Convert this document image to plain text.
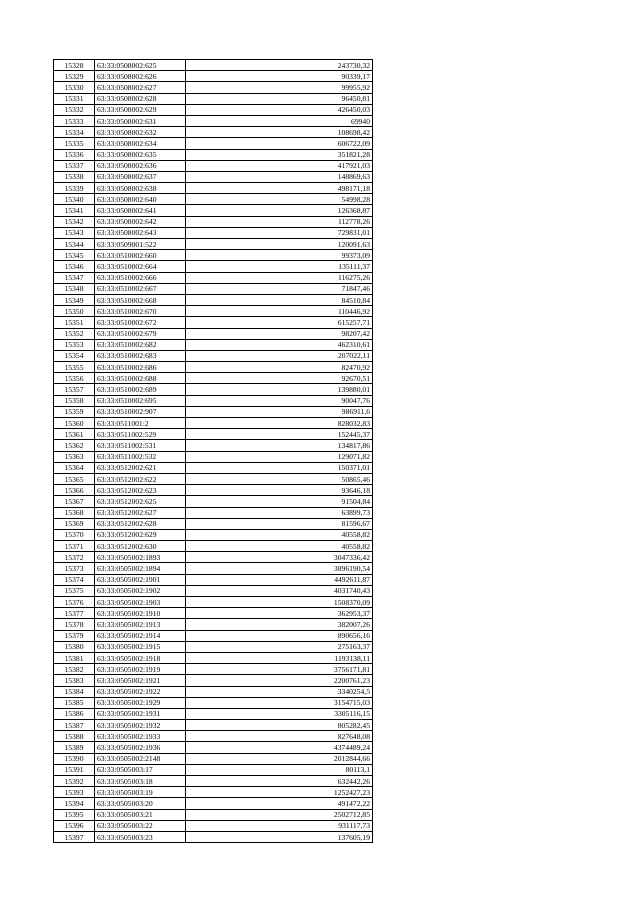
15328	63:33:0508002:625	243730,32
15329	63:33:0508002:626	90339,17
15330	63:33:0508002:627	99955,92
15331	63:33:0508002:628	96450,81
15332	63:33:0508002:629	426450,03
15333	63:33:0508002:631	69940
15334	63:33:0508002:632	108698,42
15335	63:33:0508002:634	606722,09
15336	63:33:0508002:635	351821,28
15337	63:33:0508002:636	417921,03
15338	63:33:0508002:637	148869,63
15339	63:33:0508002:638	498171,18
15340	63:33:0508002:640	54998,28
15341	63:33:0508002:641	126368,87
15342	63:33:0508002:642	112778,26
15343	63:33:0508002:643	729831,01
15344	63:33:0509001:522	120091,63
15345	63:33:0510002:660	99373,09
15346	63:33:0510002:664	135111,37
15347	63:33:0510002:666	116275,26
15348	63:33:0510002:667	71847,46
15349	63:33:0510002:668	84510,84
15350	63:33:0510002:670	110446,92
15351	63:33:0510002:672	615257,71
15352	63:33:0510002:679	98207,42
15353	63:33:0510002:682	462310,61
15354	63:33:0510002:683	207022,11
15355	63:33:0510002:686	82470,92
15356	63:33:0510002:688	92670,51
15357	63:33:0510002:689	139880,01
15358	63:33:0510002:695	90047,76
15359	63:33:0510002:907	986911,6
15360	63:33:0511001:2	828032,83
15361	63:33:0511002:529	152445,37
15362	63:33:0511002:531	134817,86
15363	63:33:0511002:532	129071,82
15364	63:33:0512002:621	150371,01
15365	63:33:0512002:622	50865,46
15366	63:33:0512002:623	93646,18
15367	63:33:0512002:625	91504,84
15368	63:33:0512002:627	63899,73
15369	63:33:0512002:628	81596,67
15370	63:33:0512002:629	40558,82
15371	63:33:0512002:630	40558,82
15372	63:33:0505002:1893	3047336,42
15373	63:33:0505002:1894	3896190,54
15374	63:33:0505002:1901	4492611,87
15375	63:33:0505002:1902	4031740,43
15376	63:33:0505002:1903	1508370,09
15377	63:33:0505002:1910	362953,37
15378	63:33:0505002:1913	382007,26
15379	63:33:0505002:1914	890656,16
15380	63:33:0505002:1915	275163,37
15381	63:33:0505002:1918	1193138,11
15382	63:33:0505002:1919	3756171,81
15383	63:33:0505002:1921	2200761,23
15384	63:33:0505002:1922	3340254,5
15385	63:33:0505002:1929	3154715,03
15386	63:33:0505002:1931	3305116,15
15387	63:33:0505002:1932	805282,45
15388	63:33:0505002:1933	827648,08
15389	63:33:0505002:1936	4374489,24
15390	63:33:0505002:2148	2012844,66
15391	63:33:0505003:17	80113,1
15392	63:33:0505003:18	632442,26
15393	63:33:0505003:19	1252427,23
15394	63:33:0505003:20	491472,22
15395	63:33:0505003:21	2502712,85
15396	63:33:0505003:22	931117,73
15397	63:33:0505003:23	137605,19
